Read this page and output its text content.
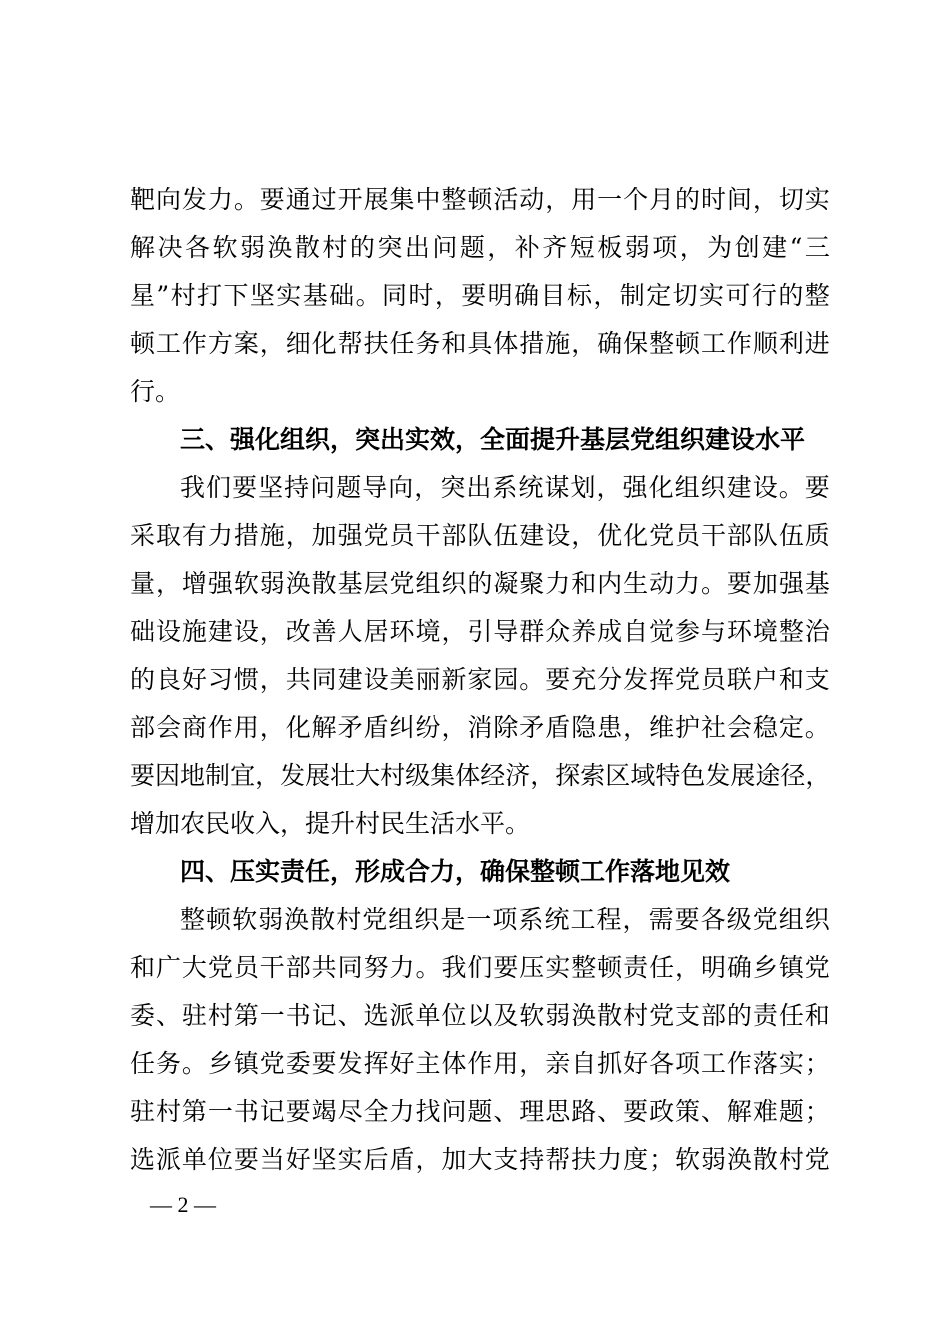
靶 向 发 力 。 要 通 过 开 展 集 中 整 顿 活 动 ， 用 一 个 月 的 时 间 ， 切 实
解 决 各 软 弱 涣 散 村 的 突 出 问 题 ， 补 齐 短 板 弱 项 ， 为 创 建 “ 三
星 ” 村 打 下 坚 实 基 础 。 同 时 ， 要 明 确 目 标 ， 制 定 切 实 可 行 的 整
顿 工 作 方 案 ， 细 化 帮 扶 任 务 和 具 体 措 施 ， 确 保 整 顿 工 作 顺 利 进
行。
三、强化组织，突出实效，全面提升基层党组织建设水平
我 们 要 坚 持 问 题 导 向 ， 突 出 系 统 谋 划 ， 强 化 组 织 建 设 。 要
采 取 有 力 措 施 ， 加 强 党 员 干 部 队 伍 建 设 ， 优 化 党 员 干 部 队 伍 质
量 ， 增 强 软 弱 涣 散 基 层 党 组 织 的 凝 聚 力 和 内 生 动 力 。 要 加 强 基
础 设 施 建 设 ， 改 善 人 居 环 境 ， 引 导 群 众 养 成 自 觉 参 与 环 境 整 治
的 良 好 习 惯 ， 共 同 建 设 美 丽 新 家 园 。 要 充 分 发 挥 党 员 联 户 和 支
部 会 商 作 用 ， 化 解 矛 盾 纠 纷 ， 消 除 矛 盾 隐 患 ， 维 护 社 会 稳 定 。
要 因 地 制 宜 ， 发 展 壮 大 村 级 集 体 经 济 ， 探 索 区 域 特 色 发 展 途 径 ，
增加农民收入，提升村民生活水平。
四、压实责任，形成合力，确保整顿工作落地见效
整 顿 软 弱 涣 散 村 党 组 织 是 一 项 系 统 工 程 ， 需 要 各 级 党 组 织
和 广 大 党 员 干 部 共 同 努 力 。 我 们 要 压 实 整 顿 责 任 ， 明 确 乡 镇 党
委 、 驻 村 第 一 书 记 、 选 派 单 位 以 及 软 弱 涣 散 村 党 支 部 的 责 任 和
任 务 。 乡 镇 党 委 要 发 挥 好 主 体 作 用 ， 亲 自 抓 好 各 项 工 作 落 实 ；
驻 村 第 一 书 记 要 竭 尽 全 力 找 问 题 、 理 思 路 、 要 政 策 、 解 难 题 ；
选 派 单 位 要 当 好 坚 实 后 盾 ， 加 大 支 持 帮 扶 力 度 ； 软 弱 涣 散 村 党
— 2 —
